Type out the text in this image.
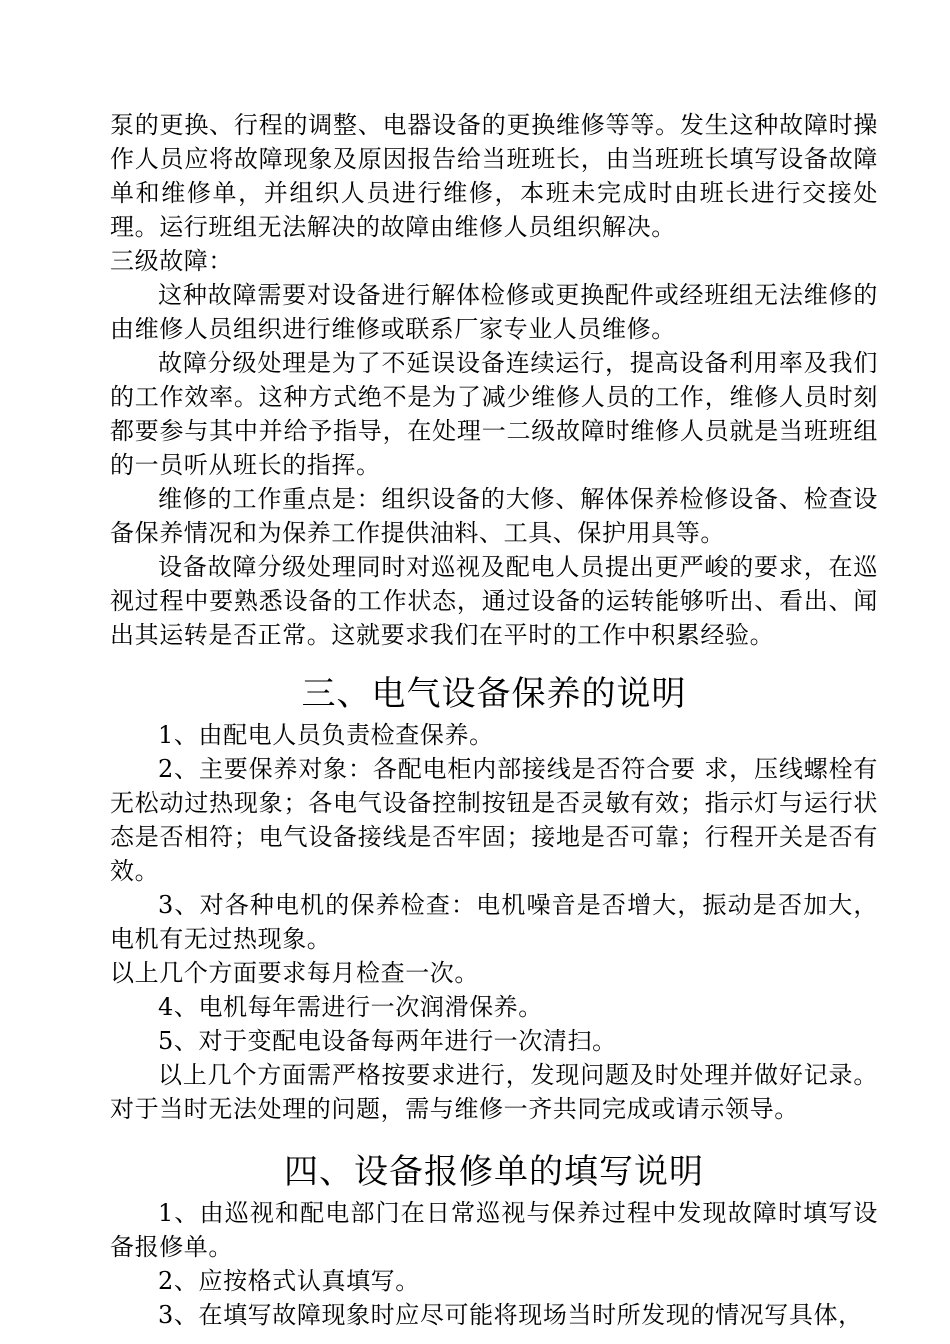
泵的更换、行程的调整、电器设备的更换维修等等。发生这种故障时操作人员应将故障现象及原因报告给当班班长，由当班班长填写设备故障单和维修单，并组织人员进行维修，本班未完成时由班长进行交接处理。运行班组无法解决的故障由维修人员组织解决。

三级故障：

这种故障需要对设备进行解体检修或更换配件或经班组无法维修的由维修人员组织进行维修或联系厂家专业人员维修。

故障分级处理是为了不延误设备连续运行，提高设备利用率及我们的工作效率。这种方式绝不是为了减少维修人员的工作，维修人员时刻都要参与其中并给予指导，在处理一二级故障时维修人员就是当班班组的一员听从班长的指挥。

维修的工作重点是：组织设备的大修、解体保养检修设备、检查设备保养情况和为保养工作提供油料、工具、保护用具等。

设备故障分级处理同时对巡视及配电人员提出更严峻的要求，在巡视过程中要熟悉设备的工作状态，通过设备的运转能够听出、看出、闻出其运转是否正常。这就要求我们在平时的工作中积累经验。

三、电气设备保养的说明

1、由配电人员负责检查保养。

2、主要保养对象：各配电柜内部接线是否符合要 求，压线螺栓有无松动过热现象；各电气设备控制按钮是否灵敏有效；指示灯与运行状态是否相符；电气设备接线是否牢固；接地是否可靠；行程开关是否有效。

3、对各种电机的保养检查：电机噪音是否增大，振动是否加大，电机有无过热现象。

以上几个方面要求每月检查一次。

4、电机每年需进行一次润滑保养。

5、对于变配电设备每两年进行一次清扫。

以上几个方面需严格按要求进行，发现问题及时处理并做好记录。对于当时无法处理的问题，需与维修一齐共同完成或请示领导。

四、设备报修单的填写说明

1、由巡视和配电部门在日常巡视与保养过程中发现故障时填写设备报修单。

2、应按格式认真填写。

3、在填写故障现象时应尽可能将现场当时所发现的情况写具体，
